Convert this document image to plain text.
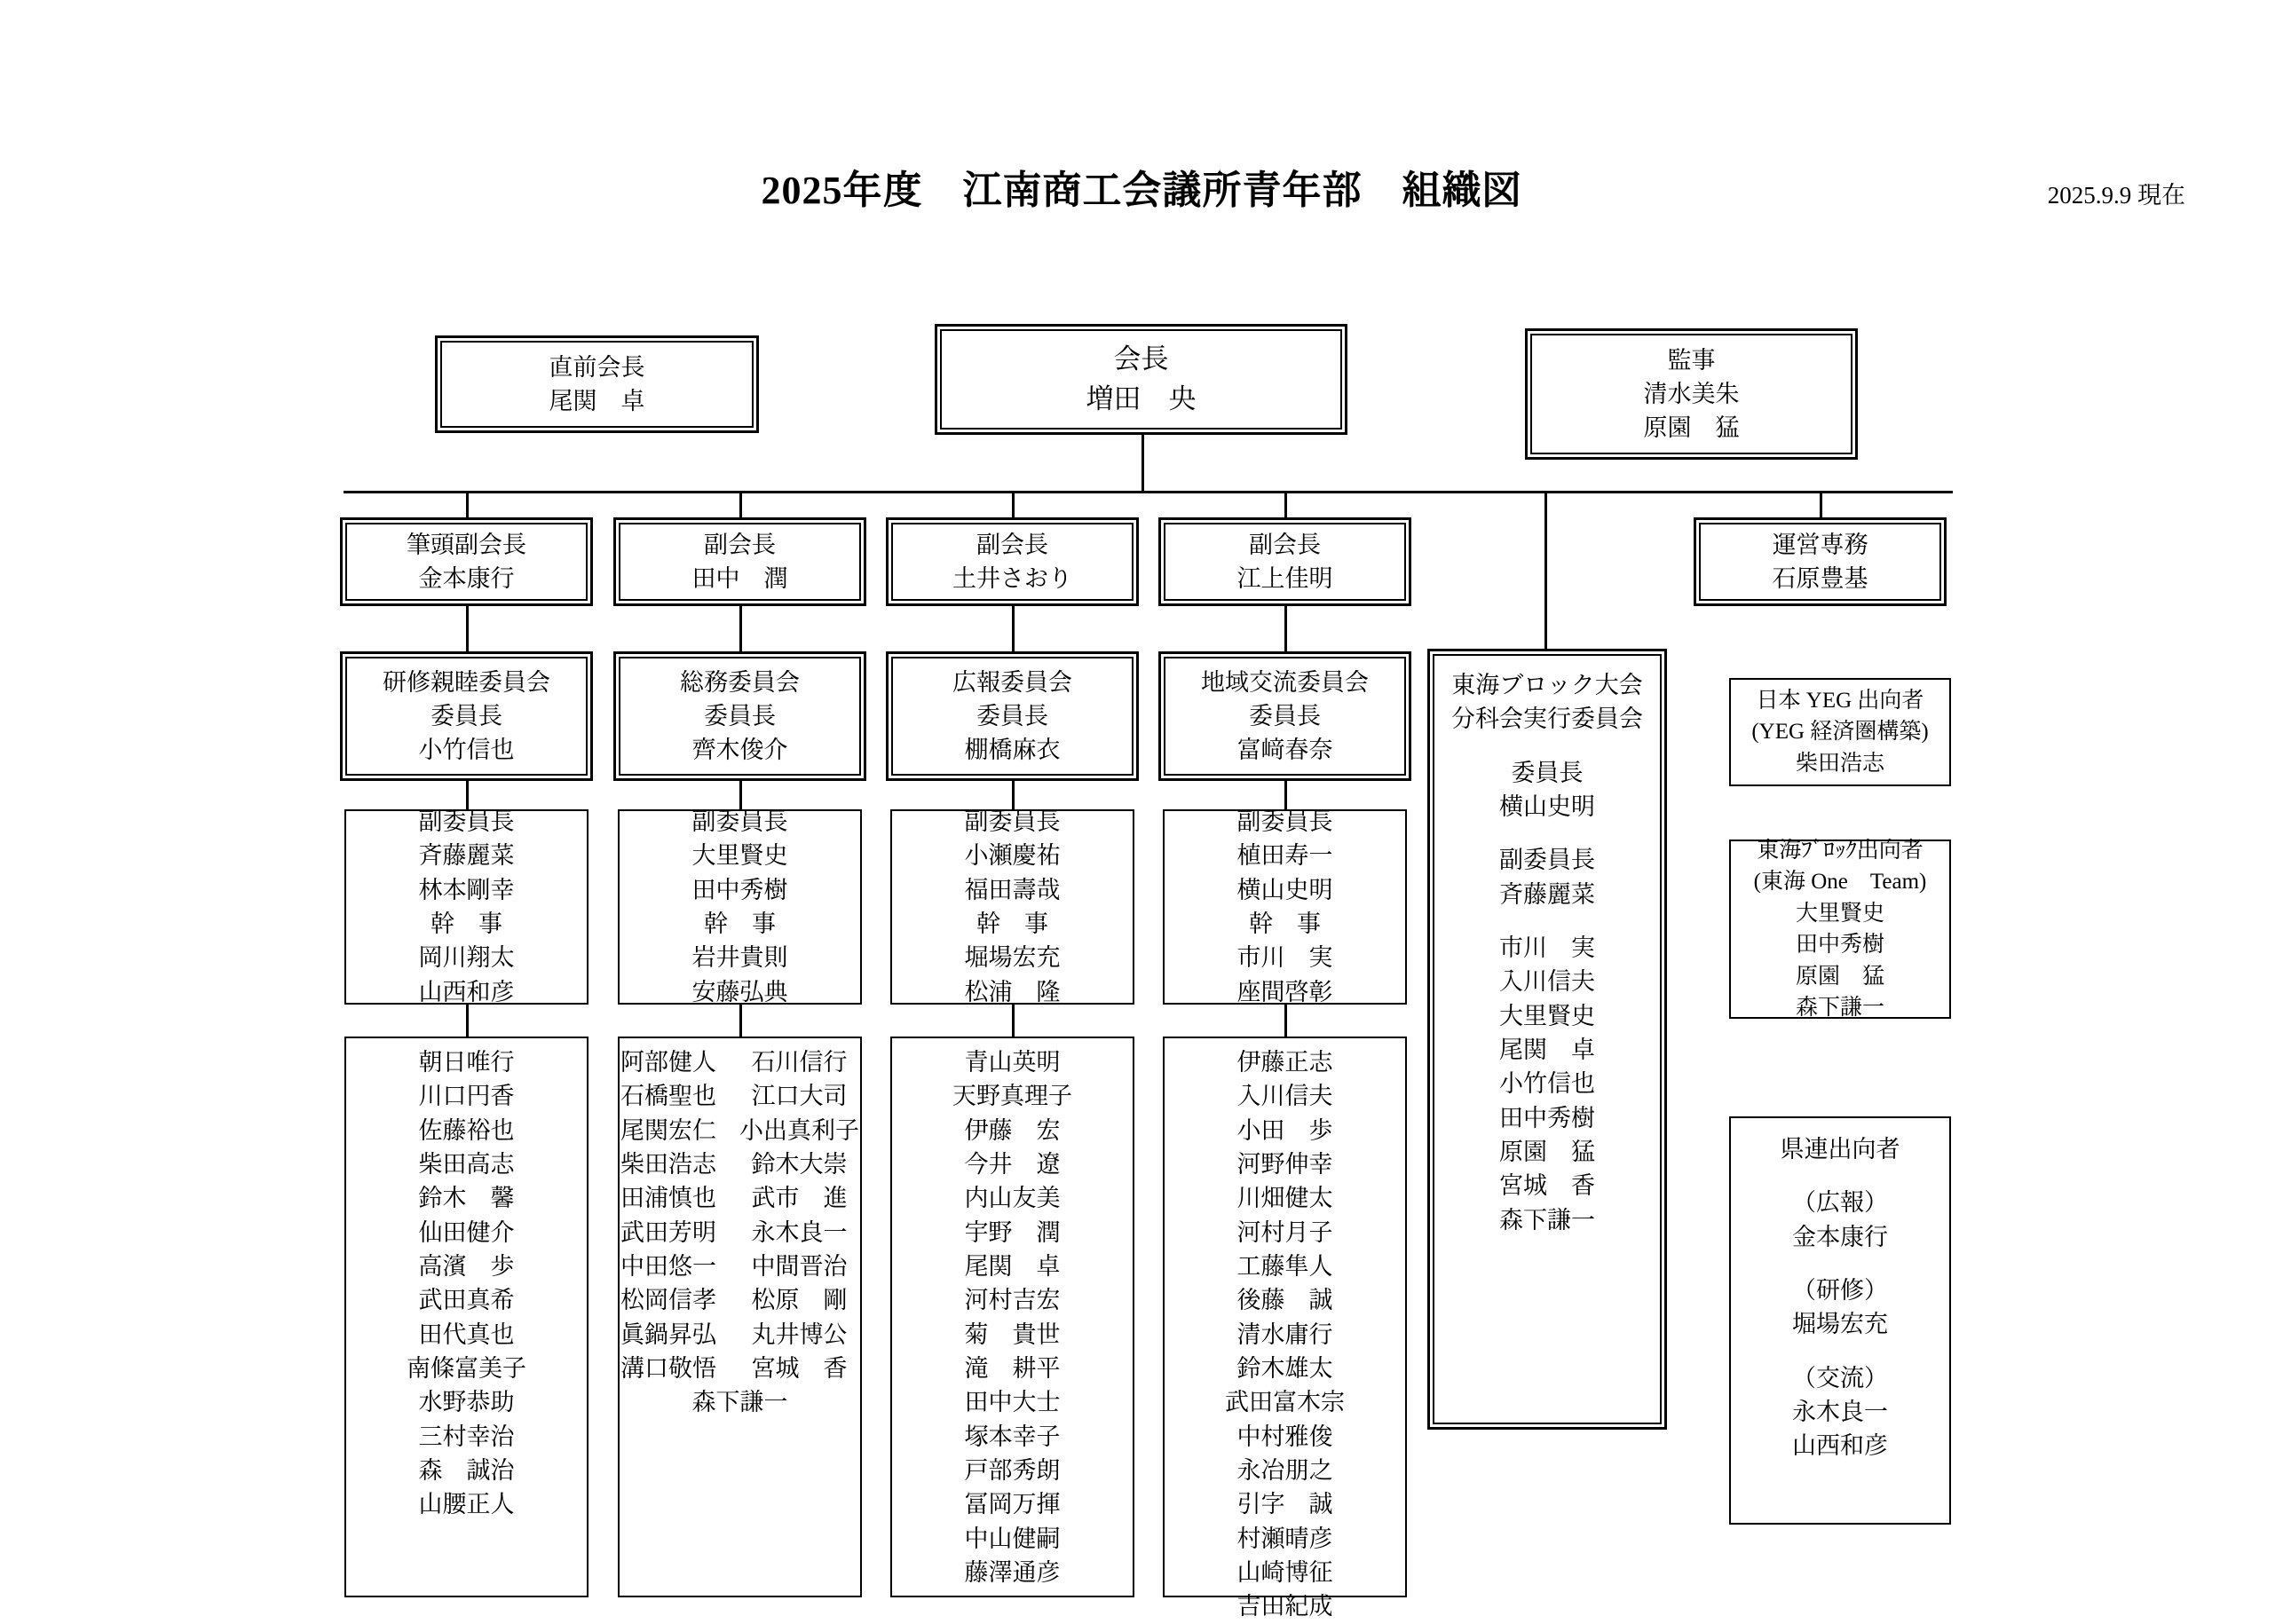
2025年度　江南商工会議所青年部　組織図	2025.9.9 現在
直前会長
尾関　卓
会長
増田　央
監事
清水美朱
原園　猛
筆頭副会長
金本康行
副会長
田中　潤
副会長
土井さおり
副会長
江上佳明
運営専務
石原豊基
研修親睦委員会
委員長
小竹信也
総務委員会
委員長
齊木俊介
広報委員会
委員長
棚橋麻衣
地域交流委員会
委員長
富﨑春奈
副委員長
斉藤麗菜
林本剛幸
幹　事
岡川翔太
山西和彦
副委員長
大里賢史
田中秀樹
幹　事
岩井貴則
安藤弘典
副委員長
小瀬慶祐
福田壽哉
幹　事
堀場宏充
松浦　隆
副委員長
植田寿一
横山史明
幹　事
市川　実
座間啓彰
朝日唯行
川口円香
佐藤裕也
柴田高志
鈴木　馨
仙田健介
高濱　歩
武田真希
田代真也
南條富美子
水野恭助
三村幸治
森　誠治
山腰正人
阿部健人
石橋聖也
尾関宏仁
柴田浩志
田浦慎也
武田芳明
中田悠一
松岡信孝
眞鍋昇弘
溝口敬悟
石川信行
江口大司
小出真利子
鈴木大崇
武市　進
永木良一
中間晋治
松原　剛
丸井博公
宮城　香
森下謙一
青山英明
天野真理子
伊藤　宏
今井　遼
内山友美
宇野　潤
尾関　卓
河村吉宏
菊　貴世
滝　耕平
田中大士
塚本幸子
戸部秀朗
冨岡万揮
中山健嗣
藤澤通彦
伊藤正志
入川信夫
小田　歩
河野伸幸
川畑健太
河村月子
工藤隼人
後藤　誠
清水庸行
鈴木雄太
武田富木宗
中村雅俊
永冶朋之
引字　誠
村瀬晴彦
山崎博征
吉田紀成
東海ブロック大会
分科会実行委員会
委員長
横山史明
副委員長
斉藤麗菜
市川　実
入川信夫
大里賢史
尾関　卓
小竹信也
田中秀樹
原園　猛
宮城　香
森下謙一
日本 YEG 出向者
(YEG 経済圏構築)
柴田浩志
東海ﾌﾞﾛｯｸ出向者
(東海 One　Team)
大里賢史
田中秀樹
原園　猛
森下謙一
県連出向者
（広報）
金本康行
（研修）
堀場宏充
（交流）
永木良一
山西和彦
